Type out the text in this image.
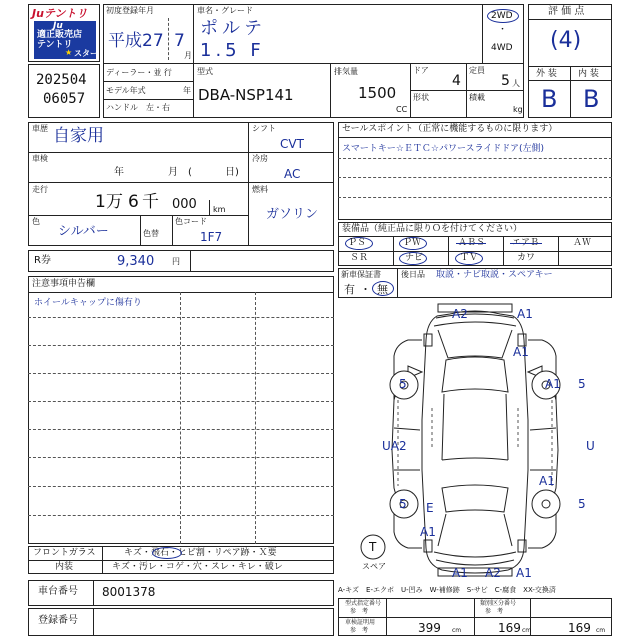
Juテントリ
Ju
適正販売店
テントリ
★ スター
202504
06057
初度登録年月
平成27 7
月
ディーラー・並 行
モデル年式	年
ハンドル　左・右
車名・グレード
ポルテ
1.5 F
2WD
・
4WD
型式
DBA-NSP141
排気量
1500
CC
ドア
4
定員
5 人
形状	積載
kg
評 価 点
(4)
外 装 内 装
B B
車歴 自家用
車検
年	月 (	日)
走行
1 万 6 千 000 km
色
シルバー	色替
色コード
1F7
シフト
CVT
冷房
AC
燃料
ガソリン
R券	9,340 円
セールスポイント（正常に機能するものに限ります）
スマートキー☆ＥＴＣ☆パワースライドドア(左側)
装備品（純正品に限りＯを付けてください）
ＰＳ	ＰＷ	ＡＢＳ	エアＢ	ＡＷ
ＳＲ	ナビ	ＴＶ	カワ
新車保証書
有 ・ 無
後日品 取説・ナビ取説・スペアキー
注意事項申告欄
ホイールキャップに傷有り
フロントガラス	キズ・飛石・ヒビ割・リペア跡・Ｘ要
内装	キズ・汚レ・コゲ・穴・スレ・キレ・破レ
車台番号 8001378
登録番号
A2	A1
A1
5	A1 5
UA2	U
A1
5 E	5
A1
A1 A2 A1
T
スペア
A-キズ　E-エクボ　U-凹み　W-補修跡　S-サビ　C-腐食　XX-交換済
型式指定番号
参　考
類別区分番号
参　考
車検証明用
参　考	399 cm	169 cm	169 cm
